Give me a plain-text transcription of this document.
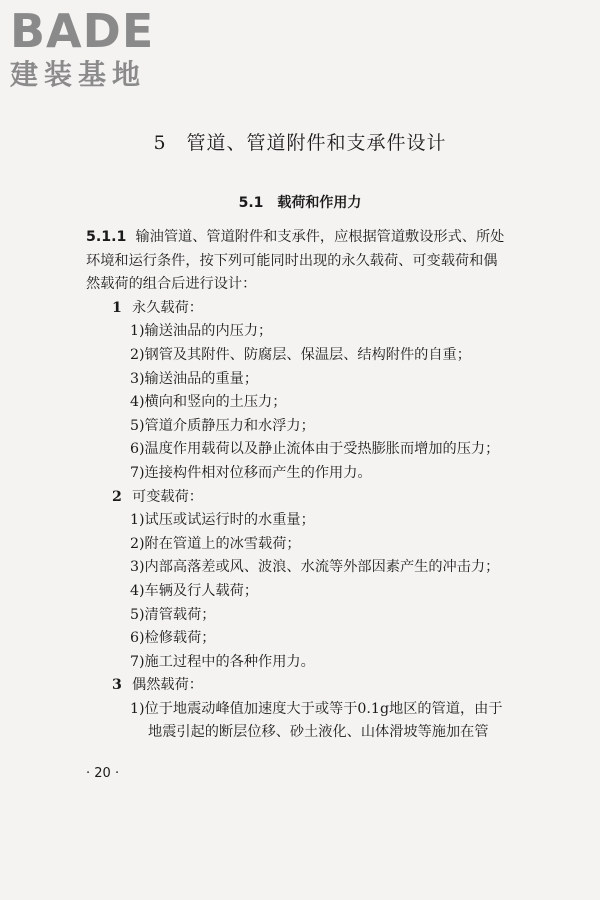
BADE
建装基地
5　管道、管道附件和支承件设计
5.1　载荷和作用力

5.1.1 输油管道、管道附件和支承件，应根据管道敷设形式、所处

环境和运行条件，按下列可能同时出现的永久载荷、可变载荷和偶

然载荷的组合后进行设计：

1 永久载荷：
1)输送油品的内压力；
2)钢管及其附件、防腐层、保温层、结构附件的自重；
3)输送油品的重量；
4)横向和竖向的土压力；
5)管道介质静压力和水浮力；
6)温度作用载荷以及静止流体由于受热膨胀而增加的压力；
7)连接构件相对位移而产生的作用力。
2 可变载荷：
1)试压或试运行时的水重量；
2)附在管道上的冰雪载荷；
3)内部高落差或风、波浪、水流等外部因素产生的冲击力；
4)车辆及行人载荷；
5)清管载荷；
6)检修载荷；
7)施工过程中的各种作用力。
3 偶然载荷：
1)位于地震动峰值加速度大于或等于0.1g地区的管道，由于地震引起的断层位移、砂土液化、山体滑坡等施加在管
· 20 ·
